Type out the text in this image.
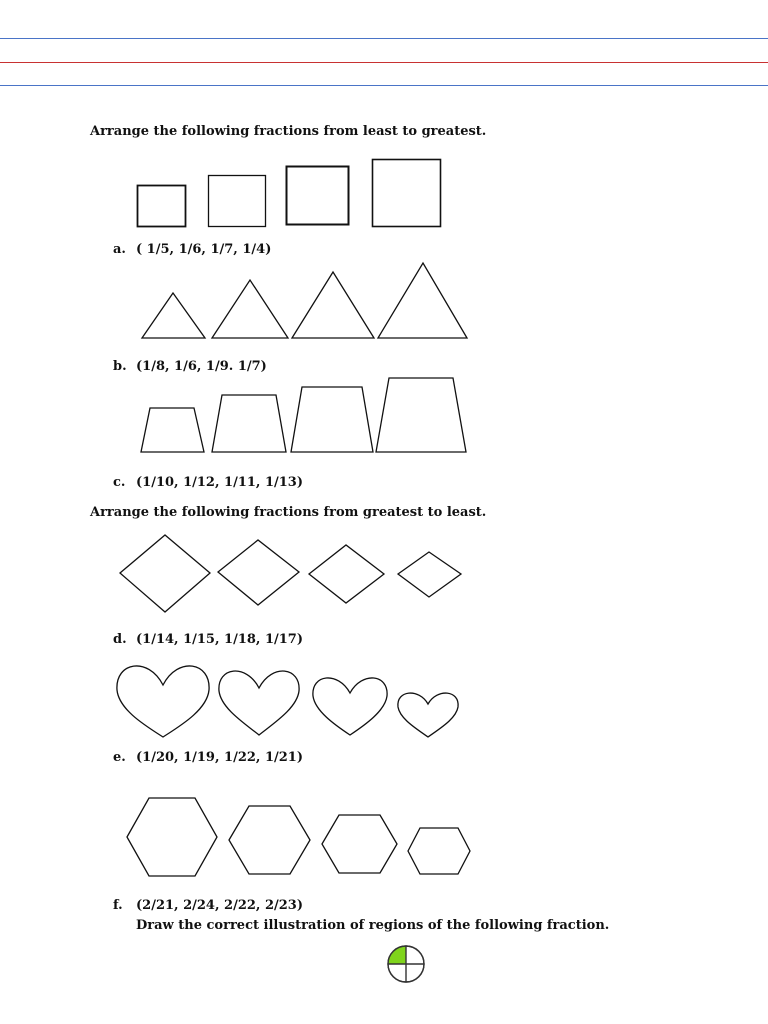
Arrange the following fractions from least to greatest.
a. ( 1/5, 1/6, 1/7, 1/4)
b. (1/8, 1/6, 1/9. 1/7)
c. (1/10, 1/12, 1/11, 1/13)
Arrange the following fractions from greatest to least.
d. (1/14, 1/15, 1/18, 1/17)
e. (1/20, 1/19, 1/22, 1/21)
f. (2/21, 2/24, 2/22, 2/23)
Draw the correct illustration of regions of the following fraction.
